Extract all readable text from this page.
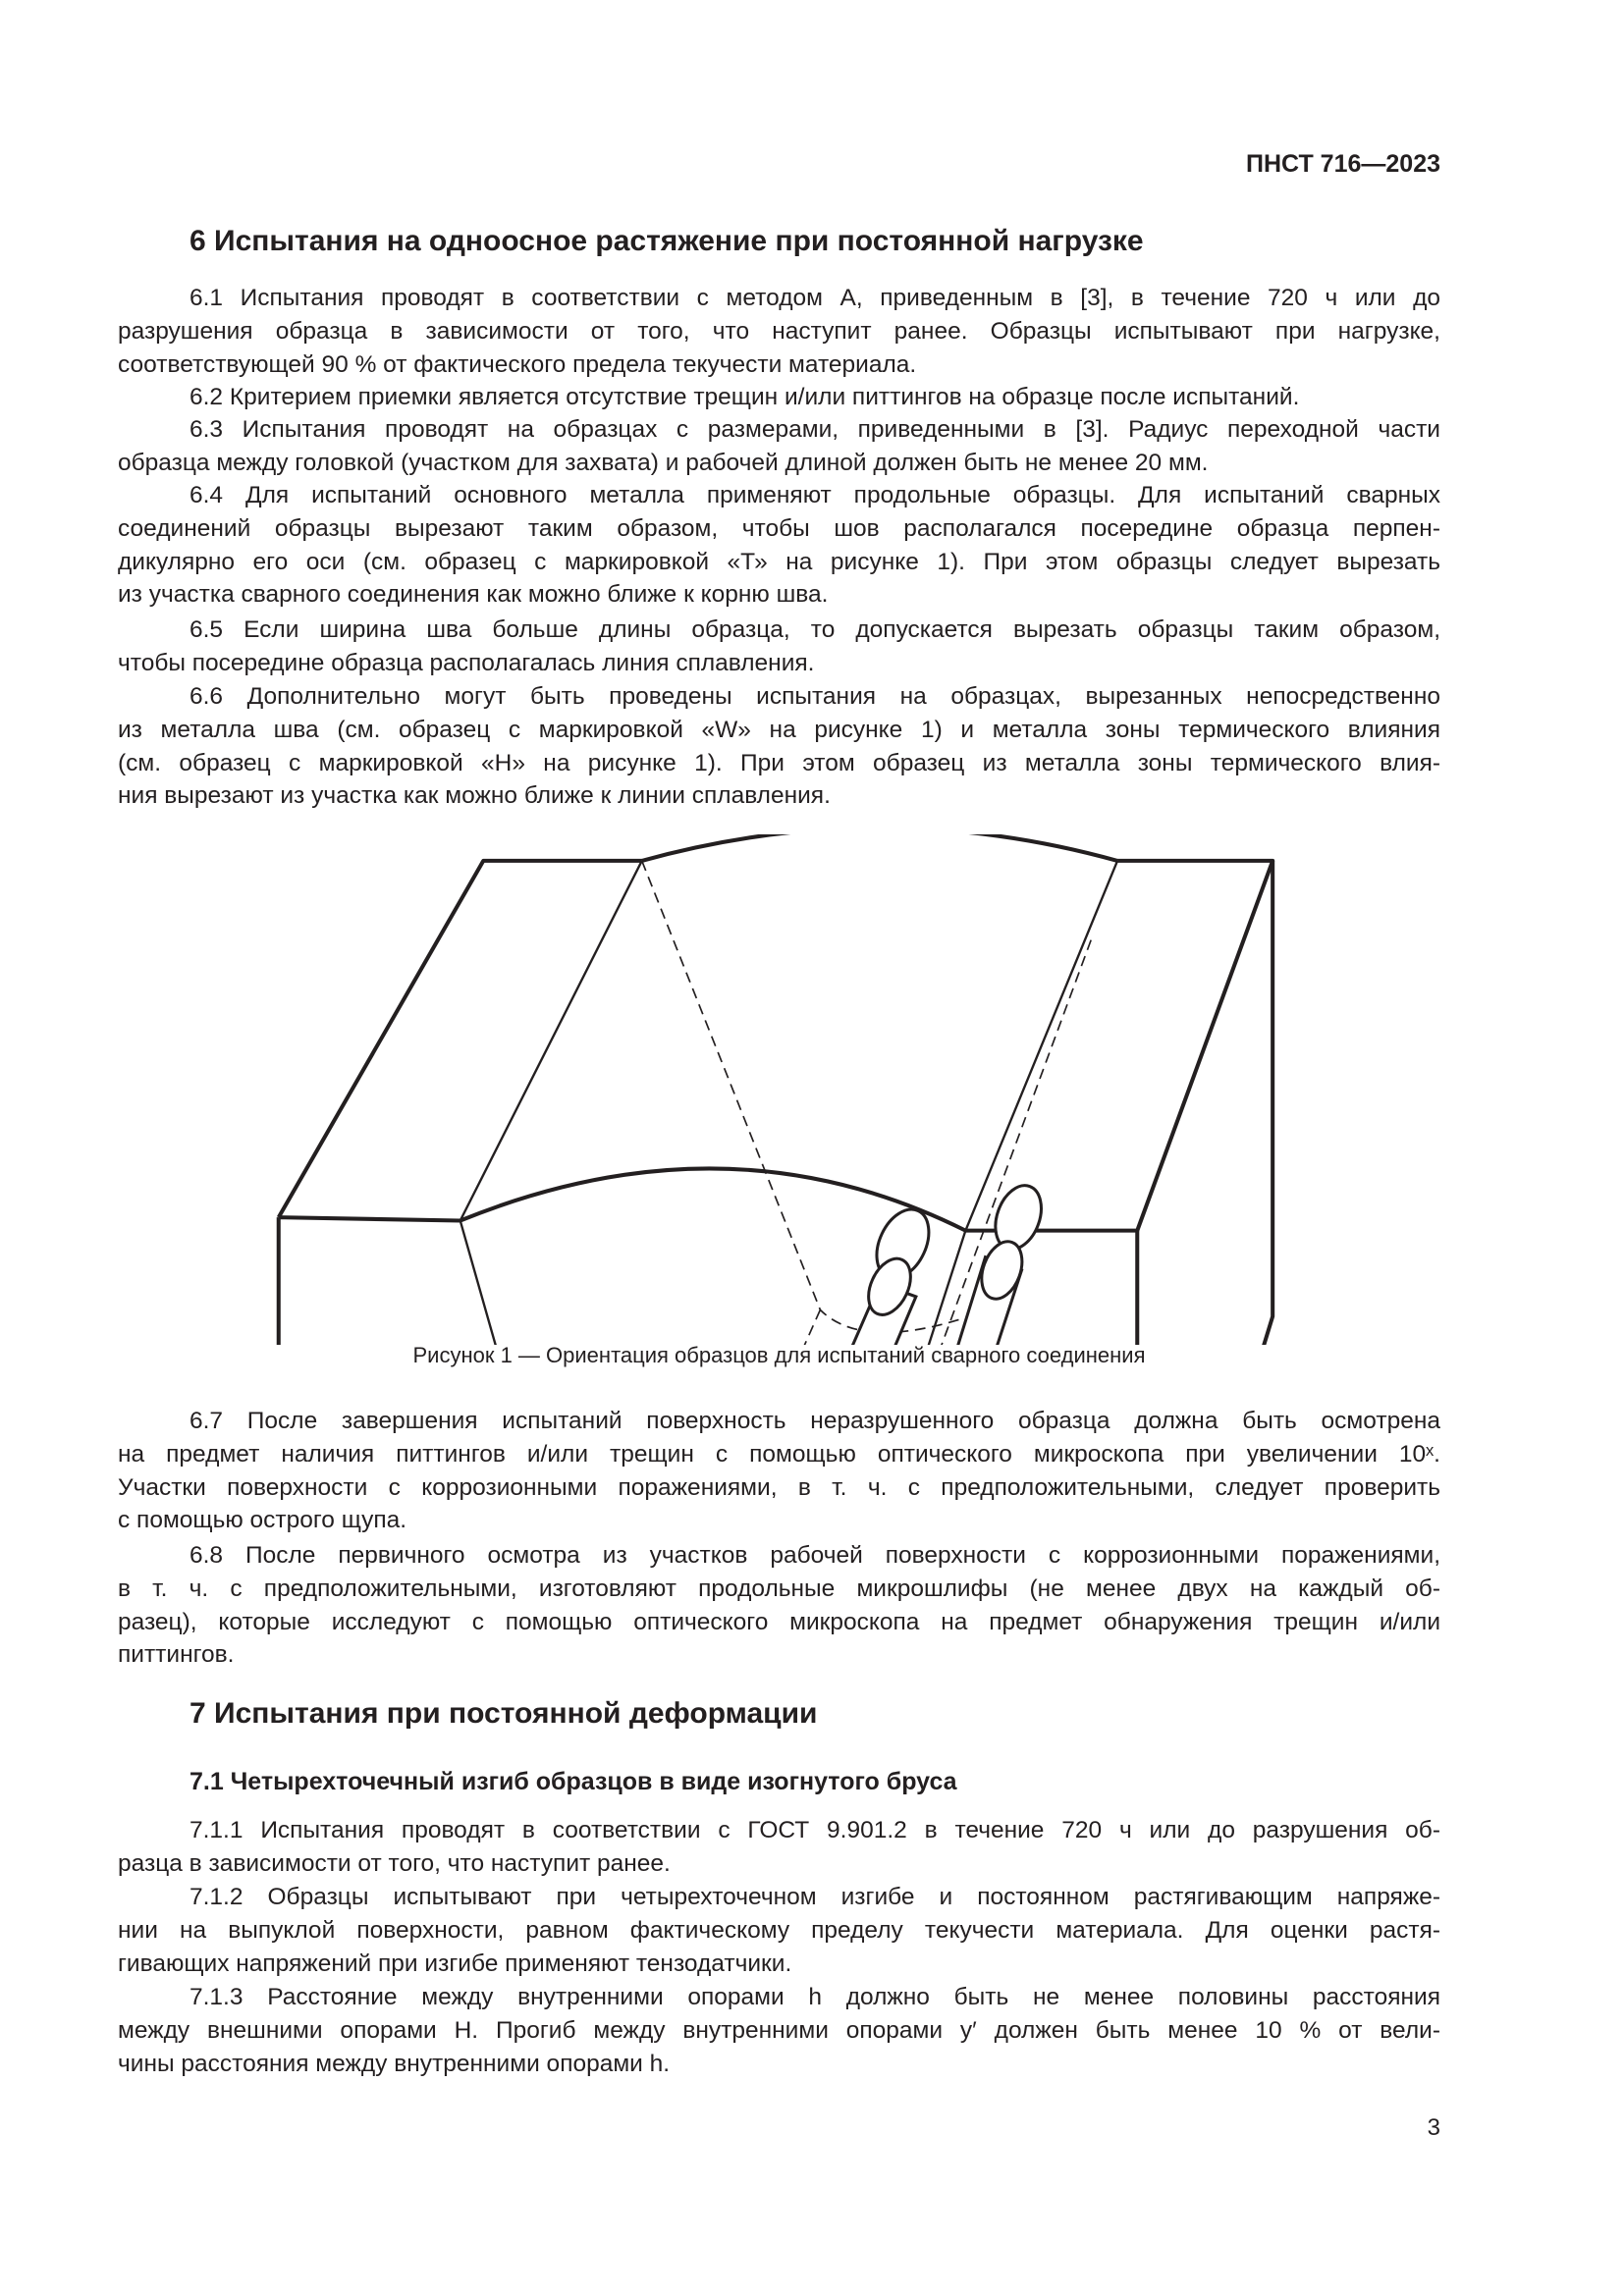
ПНСТ 716—2023
6 Испытания на одноосное растяжение при постоянной нагрузке
6.1 Испытания проводят в соответствии с методом А, приведенным в [3], в течение 720 ч или до
разрушения образца в зависимости от того, что наступит ранее. Образцы испытывают при нагрузке,
соответствующей 90 % от фактического предела текучести материала.
6.2 Критерием приемки является отсутствие трещин и/или питтингов на образце после испытаний.
6.3 Испытания проводят на образцах с размерами, приведенными в [3]. Радиус переходной части
образца между головкой (участком для захвата) и рабочей длиной должен быть не менее 20 мм.
6.4 Для испытаний основного металла применяют продольные образцы. Для испытаний сварных
соединений образцы вырезают таким образом, чтобы шов располагался посередине образца перпен-
дикулярно его оси (см. образец с маркировкой «Т» на рисунке 1). При этом образцы следует вырезать
из участка сварного соединения как можно ближе к корню шва.
6.5 Если ширина шва больше длины образца, то допускается вырезать образцы таким образом,
чтобы посередине образца располагалась линия сплавления.
6.6 Дополнительно могут быть проведены испытания на образцах, вырезанных непосредственно
из металла шва (см. образец с маркировкой «W» на рисунке 1) и металла зоны термического влияния
(см. образец с маркировкой «Н» на рисунке 1). При этом образец из металла зоны термического влия-
ния вырезают из участка как можно ближе к линии сплавления.
6.7 После завершения испытаний поверхность неразрушенного образца должна быть осмотрена
на предмет наличия питтингов и/или трещин с помощью оптического микроскопа при увеличении 10ˣ.
Участки поверхности с коррозионными поражениями, в т. ч. с предположительными, следует проверить
с помощью острого щупа.
6.8 После первичного осмотра из участков рабочей поверхности с коррозионными поражениями,
в т. ч. с предположительными, изготовляют продольные микрошлифы (не менее двух на каждый об-
разец), которые исследуют с помощью оптического микроскопа на предмет обнаружения трещин и/или
питтингов.
7.1.1 Испытания проводят в соответствии с ГОСТ 9.901.2 в течение 720 ч или до разрушения об-
разца в зависимости от того, что наступит ранее.
7.1.2 Образцы испытывают при четырехточечном изгибе и постоянном растягивающим напряже-
нии на выпуклой поверхности, равном фактическому пределу текучести материала. Для оценки растя-
гивающих напряжений при изгибе применяют тензодатчики.
7.1.3 Расстояние между внутренними опорами h должно быть не менее половины расстояния
между внешними опорами H. Прогиб между внутренними опорами y′ должен быть менее 10 % от вели-
чины расстояния между внутренними опорами h.
Рисунок 1 — Ориентация образцов для испытаний сварного соединения
7 Испытания при постоянной деформации
7.1 Четырехточечный изгиб образцов в виде изогнутого бруса
3
